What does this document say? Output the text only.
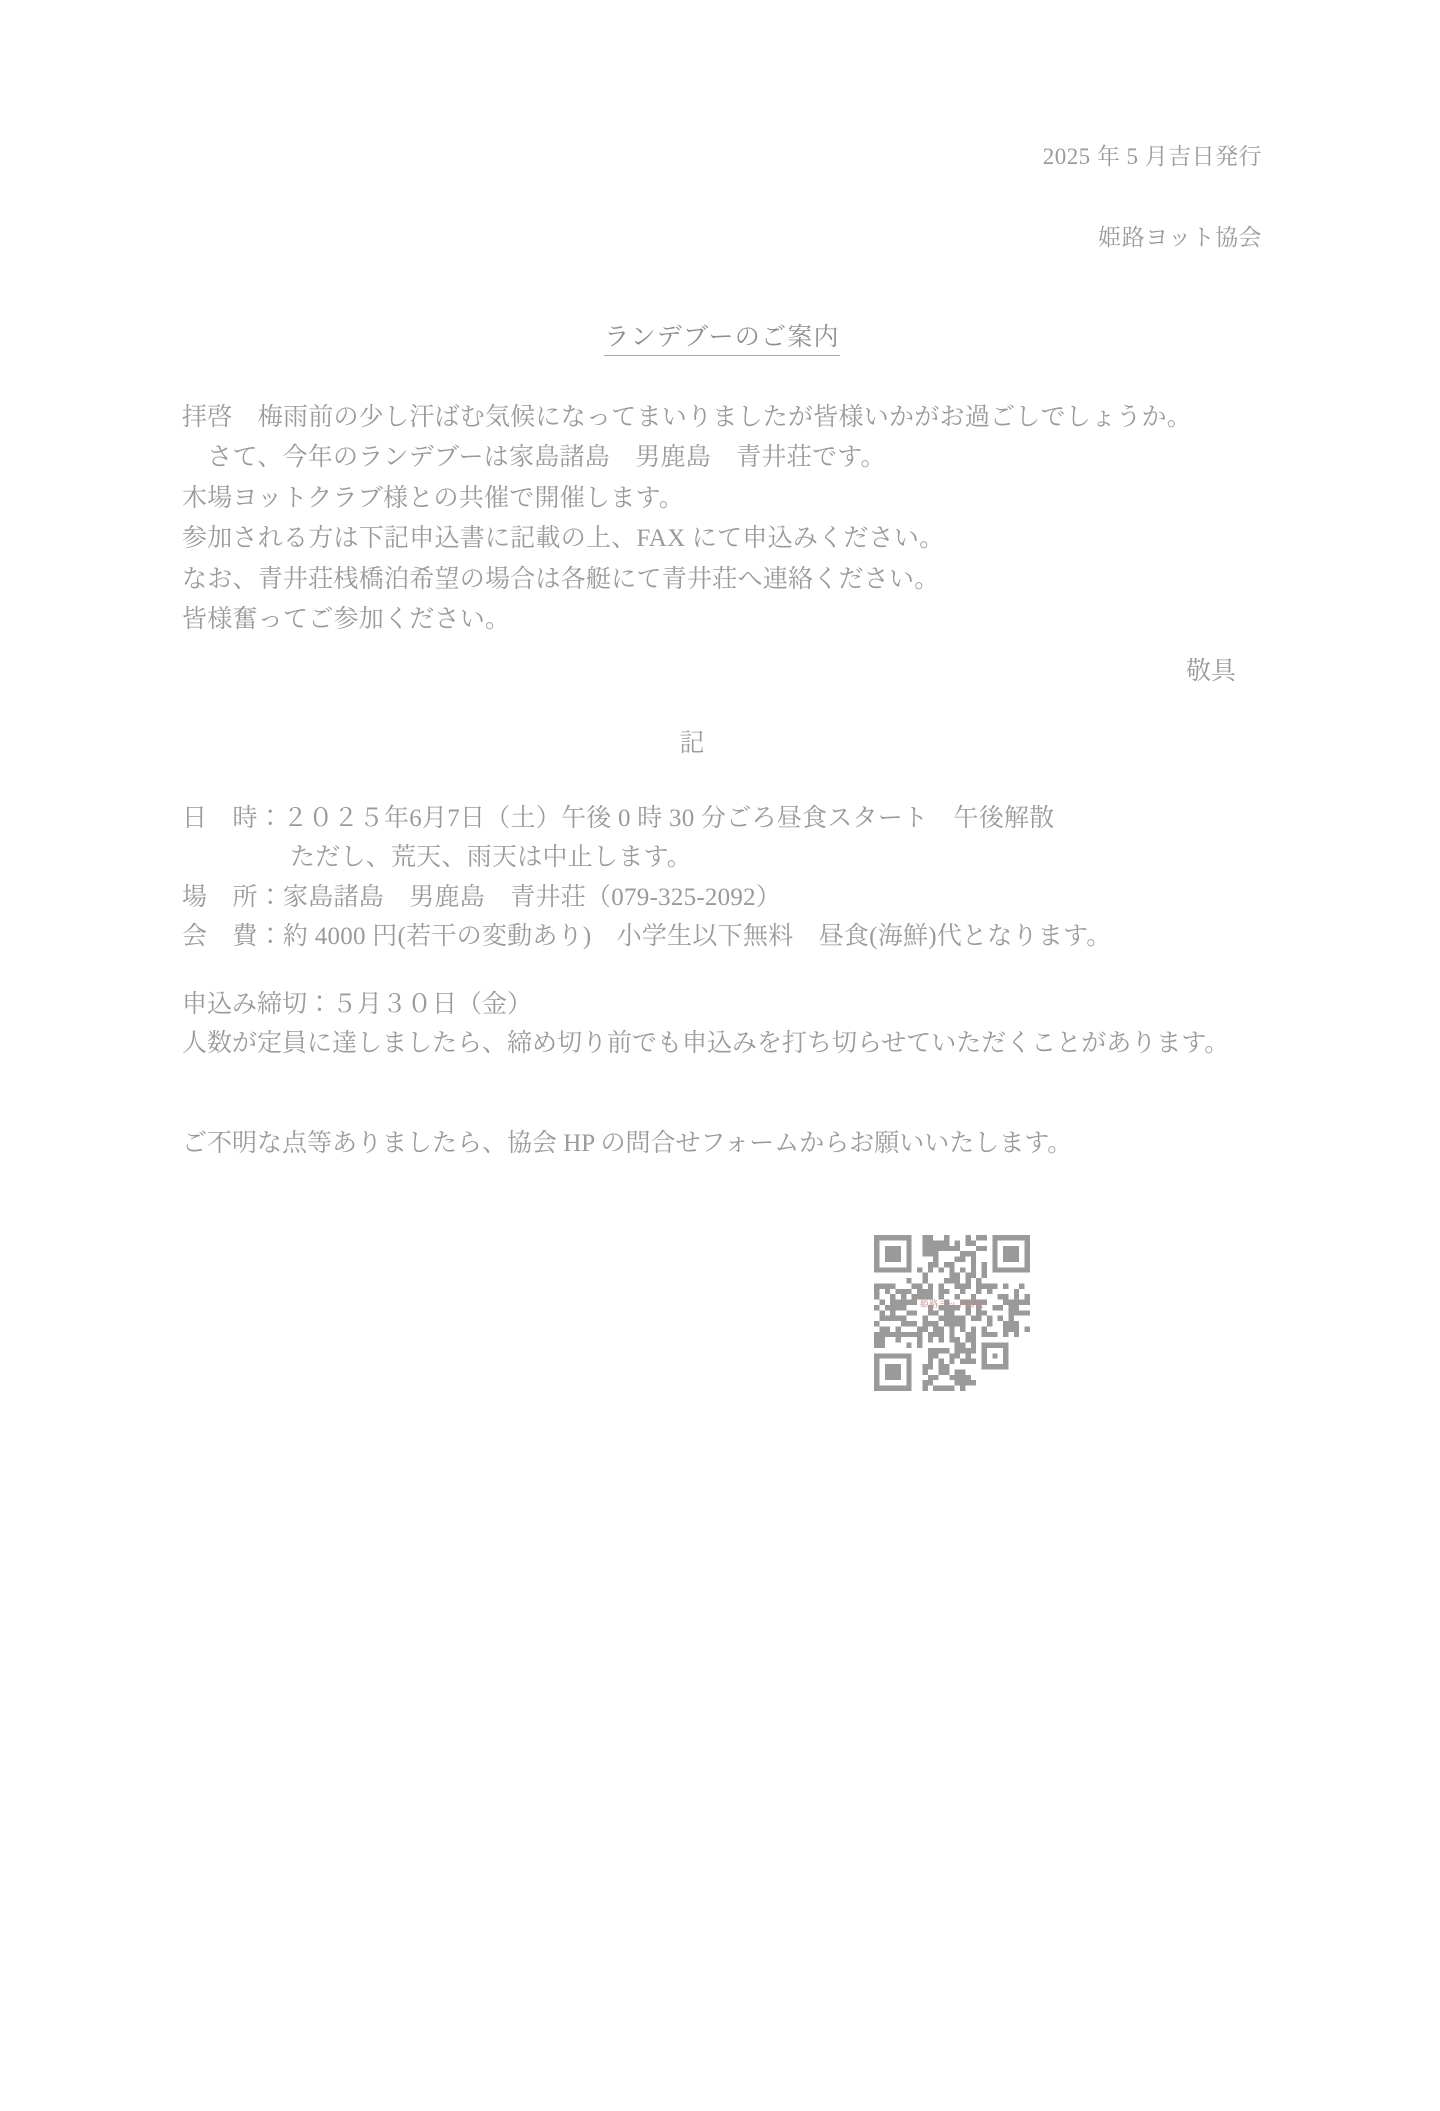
2025 年 5 月吉日発行
姫路ヨット協会
ランデブーのご案内

拝啓　梅雨前の少し汗ばむ気候になってまいりましたが皆様いかがお過ごしでしょうか。

　さて、今年のランデブーは家島諸島　男鹿島　青井荘です。

木場ヨットクラブ様との共催で開催します。

参加される方は下記申込書に記載の上、FAX にて申込みください。

なお、青井荘桟橋泊希望の場合は各艇にて青井荘へ連絡ください。

皆様奮ってご参加ください。

敬具
記

日　時：２０２５年6月7日（土）午後 0 時 30 分ごろ昼食スタート　午後解散

ただし、荒天、雨天は中止します。

場　所：家島諸島　男鹿島　青井荘（079-325-2092）

会　費：約 4000 円(若干の変動あり)　小学生以下無料　昼食(海鮮)代となります。

申込み締切：５月３０日（金）

人数が定員に達しましたら、締め切り前でも申込みを打ち切らせていただくことがあります。

ご不明な点等ありましたら、協会 HP の問合せフォームからお願いいたします。

姫路ヨット協会
